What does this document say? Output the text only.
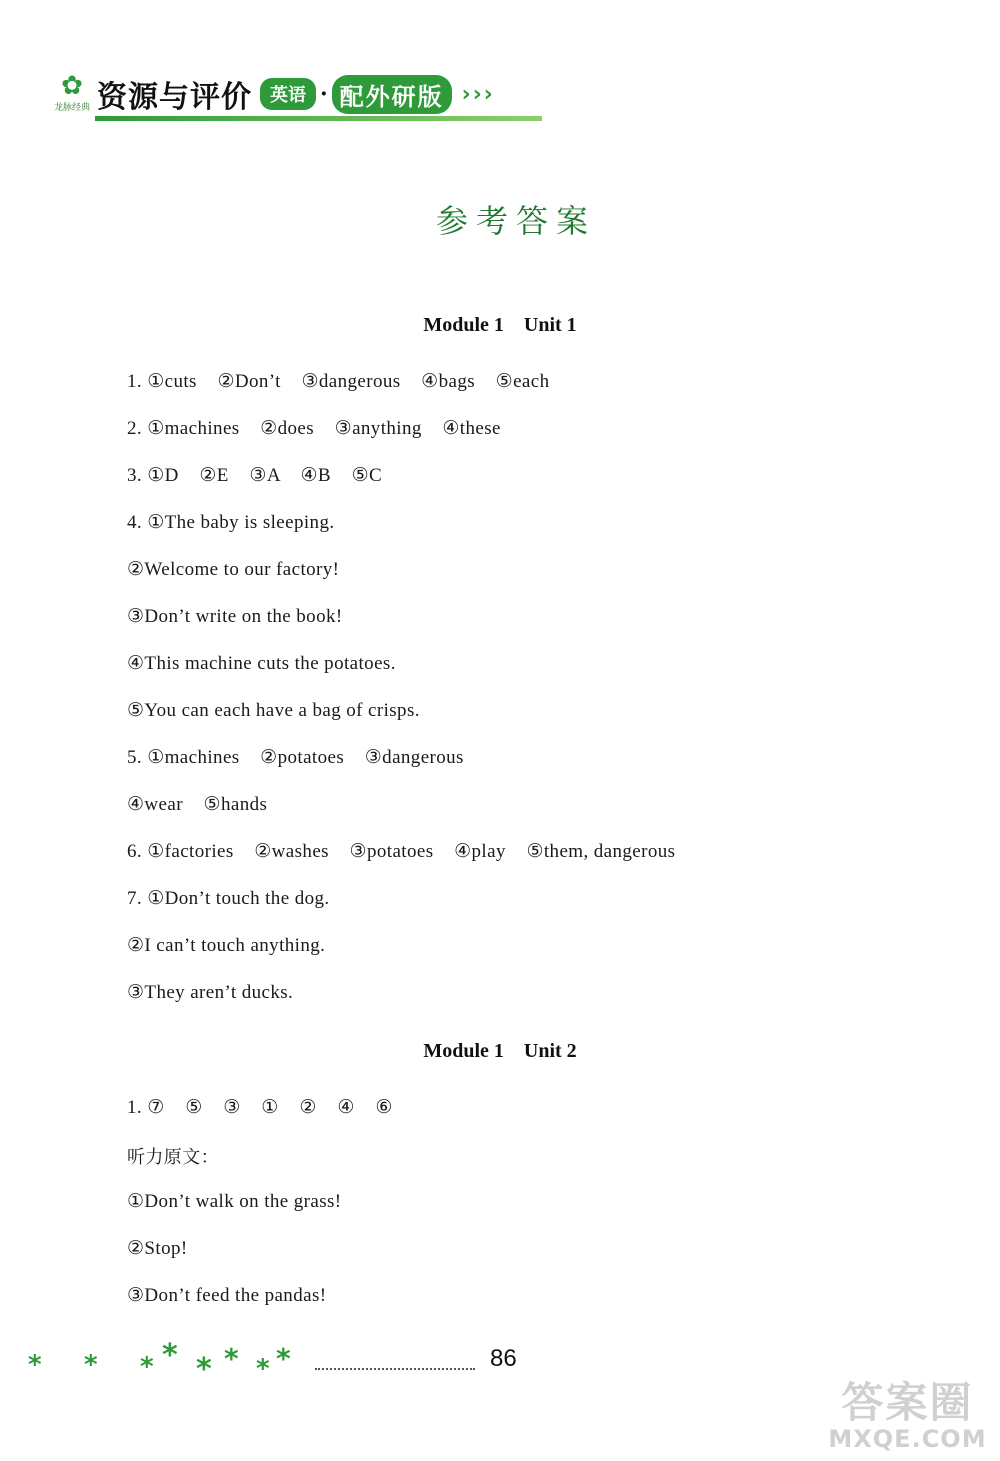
✿
龙脉经典 资源与评价	英语 · 配外研版 ›››
参考答案
Module 1    Unit 1
1. ①cuts    ②Don’t    ③dangerous    ④bags    ⑤each
2. ①machines    ②does    ③anything    ④these
3. ①D    ②E    ③A    ④B    ⑤C
4. ①The baby is sleeping.
②Welcome to our factory!
③Don’t write on the book!
④This machine cuts the potatoes.
⑤You can each have a bag of crisps.
5. ①machines    ②potatoes    ③dangerous
④wear    ⑤hands
6. ①factories    ②washes    ③potatoes    ④play    ⑤them, dangerous
7. ①Don’t touch the dog.
②I can’t touch anything.
③They aren’t ducks.
Module 1    Unit 2
1. ⑦    ⑤    ③    ①    ②    ④    ⑥
听力原文：
①Don’t walk on the grass!
②Stop!
③Don’t feed the pandas!
* * * * * * * *	86
答案圈
MXQE.COM
